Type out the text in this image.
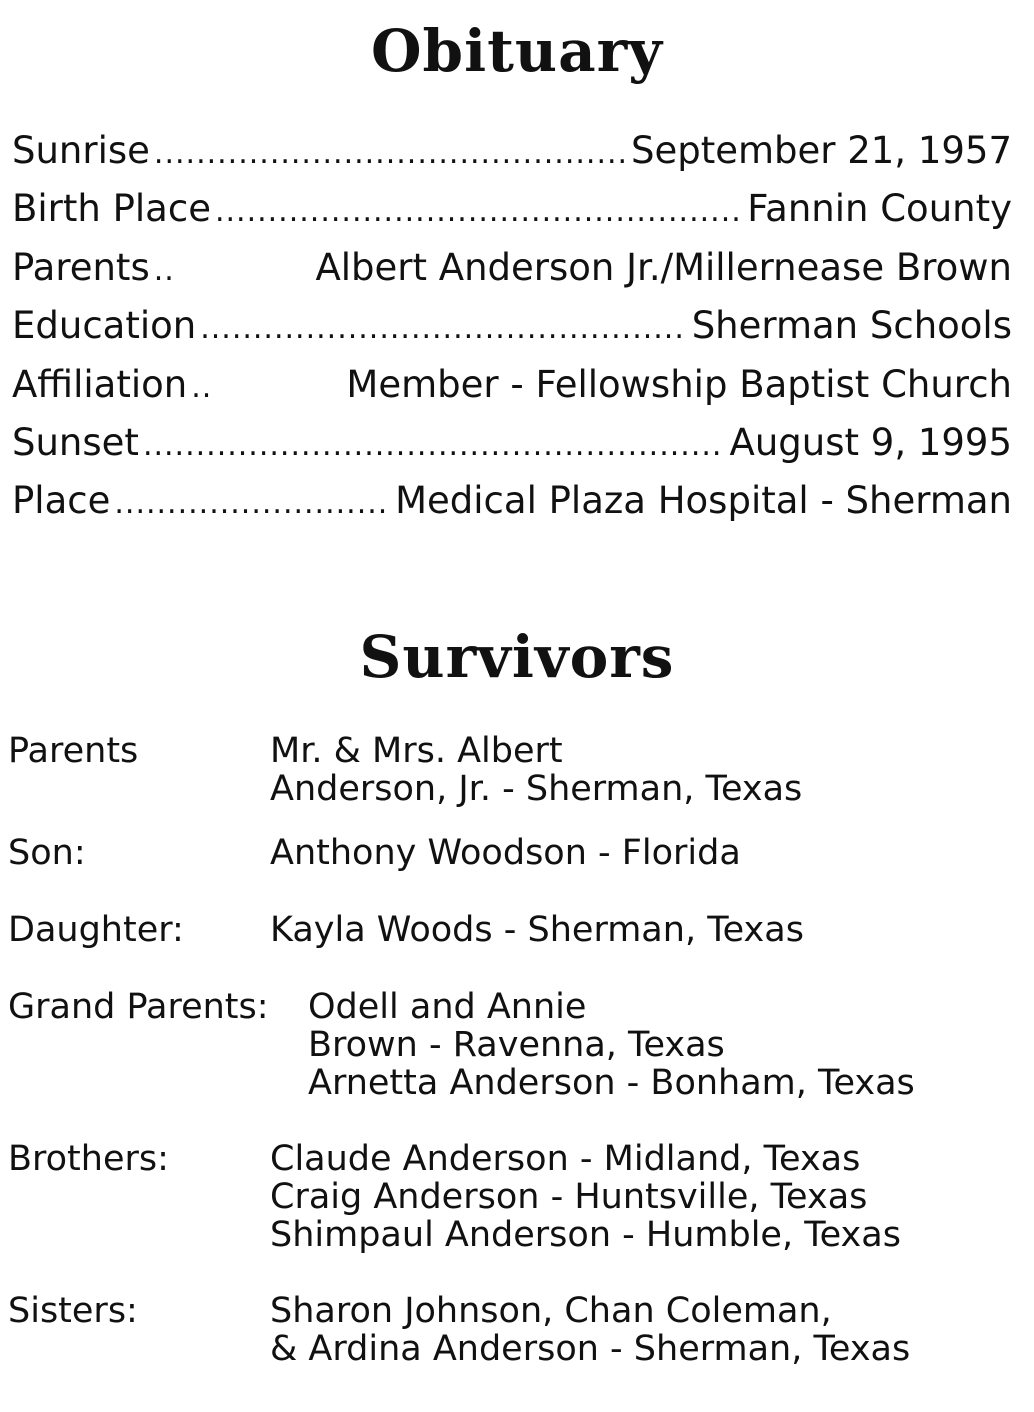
Obituary
Sunrise .....	September 21, 1957
Birth Place .....	Fannin County
Parents ..	Albert Anderson Jr./Millernease Brown
Education .....	Sherman Schools
Affiliation ..	Member - Fellowship Baptist Church
Sunset .....	August 9, 1995
Place .....	Medical Plaza Hospital - Sherman
Survivors
Parents	Mr. & Mrs. Albert
Anderson, Jr. - Sherman, Texas
Son:	Anthony Woodson - Florida
Daughter: Kayla Woods - Sherman, Texas
Grand Parents: Odell and Annie
Brown - Ravenna, Texas
Arnetta Anderson - Bonham, Texas
Brothers:	Claude Anderson - Midland, Texas
Craig Anderson - Huntsville, Texas
Shimpaul Anderson - Humble, Texas
Sisters:	Sharon Johnson, Chan Coleman,
& Ardina Anderson - Sherman, Texas
